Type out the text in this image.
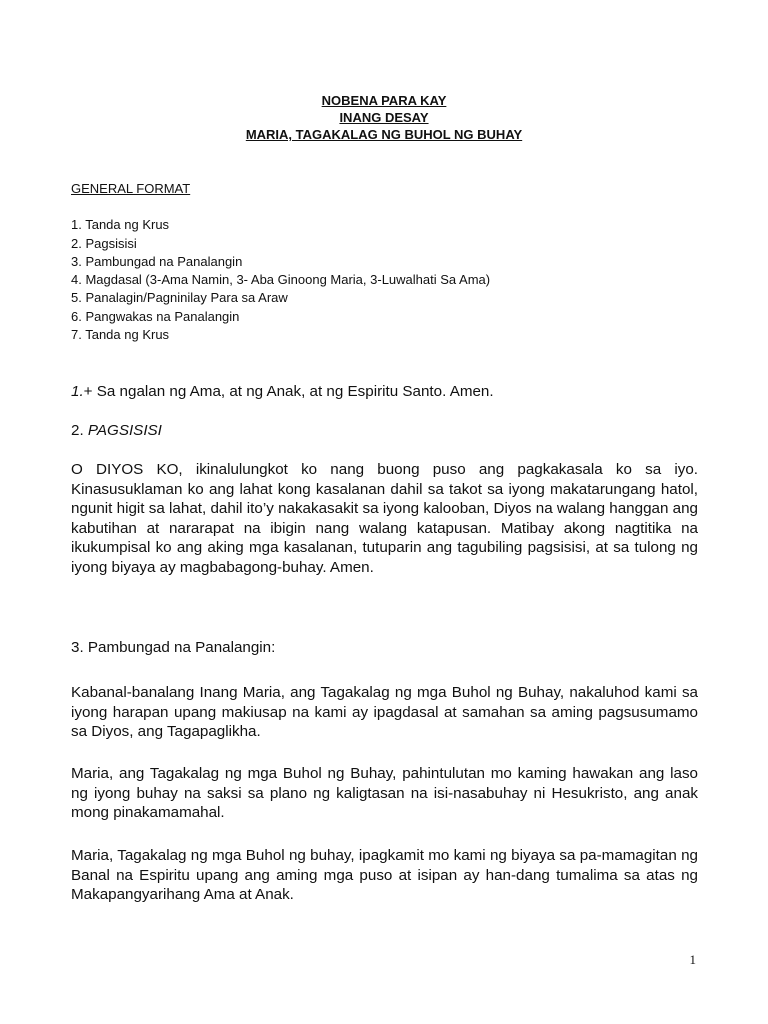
NOBENA PARA KAY
INANG DESAY
MARIA, TAGAKALAG NG BUHOL NG BUHAY
GENERAL FORMAT
1. Tanda ng Krus
2. Pagsisisi
3. Pambungad na Panalangin
4. Magdasal (3-Ama Namin, 3- Aba Ginoong Maria, 3-Luwalhati Sa Ama)
5. Panalagin/Pagninilay Para sa Araw
6. Pangwakas na Panalangin
7. Tanda ng Krus
1.+ Sa ngalan ng Ama, at ng Anak, at ng Espiritu Santo. Amen.
2. PAGSISISI
O DIYOS KO, ikinalulungkot ko nang buong puso ang pagkakasala ko sa iyo. Kinasusuklaman ko ang lahat kong kasalanan dahil sa takot sa iyong makatarungang hatol, ngunit higit sa lahat, dahil ito’y nakakasakit sa iyong kalooban, Diyos na walang hanggan ang kabutihan at nararapat na ibigin nang walang katapusan. Matibay akong nagtitika na ikukumpisal ko ang aking mga kasalanan, tutuparin ang tagubiling pagsisisi, at sa tulong ng iyong biyaya ay magbabagong-buhay. Amen.
3. Pambungad na Panalangin:
Kabanal-banalang Inang Maria, ang Tagakalag ng mga Buhol ng Buhay, nakaluhod kami sa iyong harapan upang makiusap na kami ay ipagdasal at samahan sa aming pagsusumamo sa Diyos, ang Tagapaglikha.
Maria, ang Tagakalag ng mga Buhol ng Buhay, pahintulutan mo kaming hawakan ang laso ng iyong buhay na saksi sa plano ng kaligtasan na isi-nasabuhay ni Hesukristo, ang anak mong pinakamamahal.
Maria, Tagakalag ng mga Buhol ng buhay, ipagkamit mo kami ng biyaya sa pa-mamagitan ng Banal na Espiritu upang ang aming mga puso at isipan ay han-dang tumalima sa atas ng Makapangyarihang Ama at Anak.
1
